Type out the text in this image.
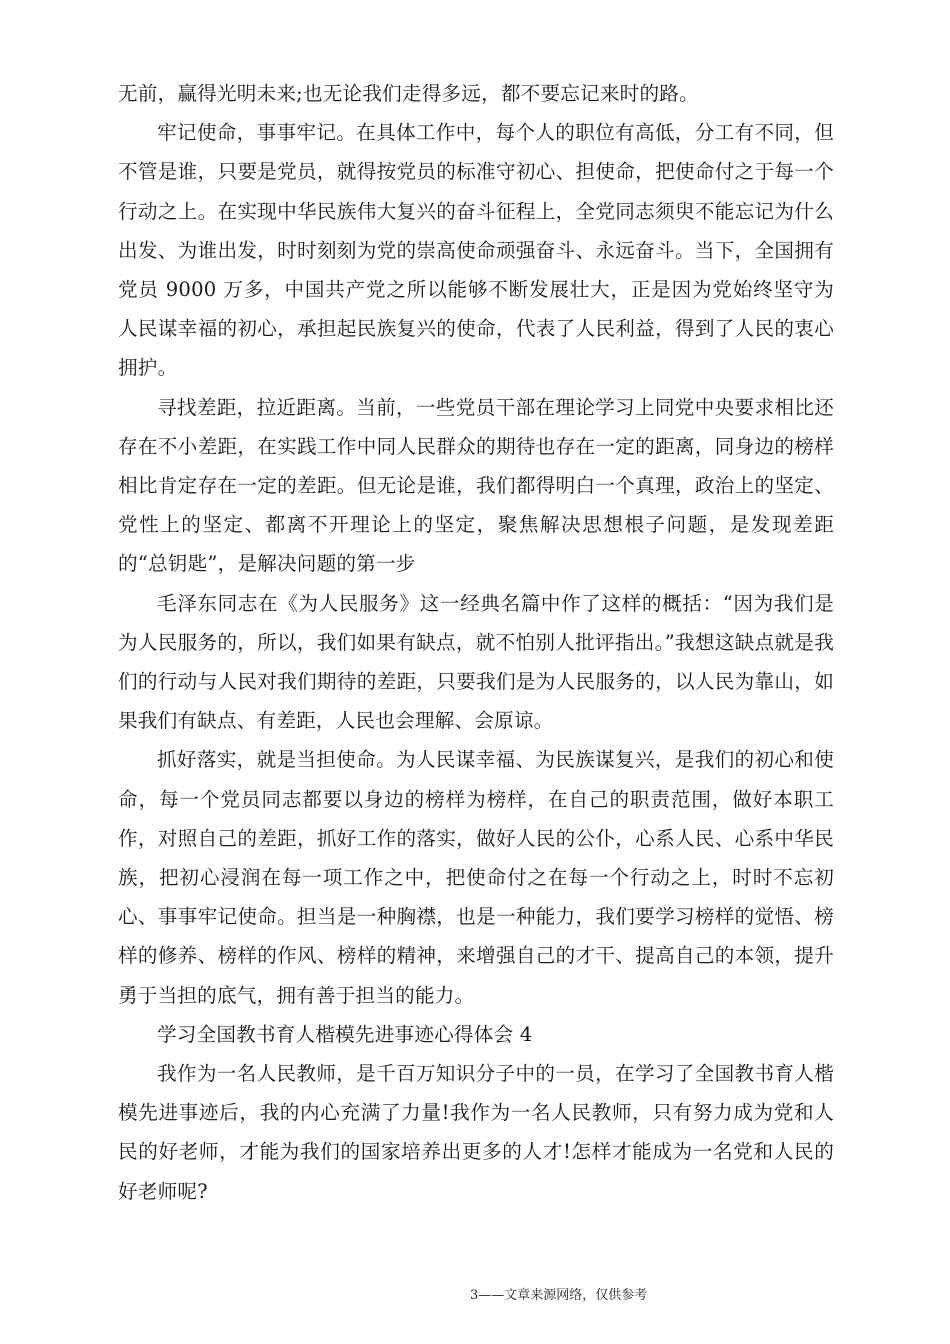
无前，赢得光明未来;也无论我们走得多远，都不要忘记来时的路。

牢记使命，事事牢记。在具体工作中，每个人的职位有高低，分工有不同，但不管是谁，只要是党员，就得按党员的标准守初心、担使命，把使命付之于每一个行动之上。在实现中华民族伟大复兴的奋斗征程上，全党同志须臾不能忘记为什么出发、为谁出发，时时刻刻为党的崇高使命顽强奋斗、永远奋斗。当下，全国拥有党员 9000 万多，中国共产党之所以能够不断发展壮大，正是因为党始终坚守为人民谋幸福的初心，承担起民族复兴的使命，代表了人民利益，得到了人民的衷心拥护。

寻找差距，拉近距离。当前，一些党员干部在理论学习上同党中央要求相比还存在不小差距，在实践工作中同人民群众的期待也存在一定的距离，同身边的榜样相比肯定存在一定的差距。但无论是谁，我们都得明白一个真理，政治上的坚定、党性上的坚定、都离不开理论上的坚定，聚焦解决思想根子问题，是发现差距的“总钥匙”，是解决问题的第一步

毛泽东同志在《为人民服务》这一经典名篇中作了这样的概括：“因为我们是为人民服务的，所以，我们如果有缺点，就不怕别人批评指出。”我想这缺点就是我们的行动与人民对我们期待的差距，只要我们是为人民服务的，以人民为靠山，如果我们有缺点、有差距，人民也会理解、会原谅。

抓好落实，就是当担使命。为人民谋幸福、为民族谋复兴，是我们的初心和使命，每一个党员同志都要以身边的榜样为榜样，在自己的职责范围，做好本职工作，对照自己的差距，抓好工作的落实，做好人民的公仆，心系人民、心系中华民族，把初心浸润在每一项工作之中，把使命付之在每一个行动之上，时时不忘初心、事事牢记使命。担当是一种胸襟，也是一种能力，我们要学习榜样的觉悟、榜样的修养、榜样的作风、榜样的精神，来增强自己的才干、提高自己的本领，提升勇于当担的底气，拥有善于担当的能力。

学习全国教书育人楷模先进事迹心得体会 4

我作为一名人民教师，是千百万知识分子中的一员，在学习了全国教书育人楷模先进事迹后，我的内心充满了力量!我作为一名人民教师，只有努力成为党和人民的好老师，才能为我们的国家培养出更多的人才!怎样才能成为一名党和人民的好老师呢?

3——文章来源网络，仅供参考
